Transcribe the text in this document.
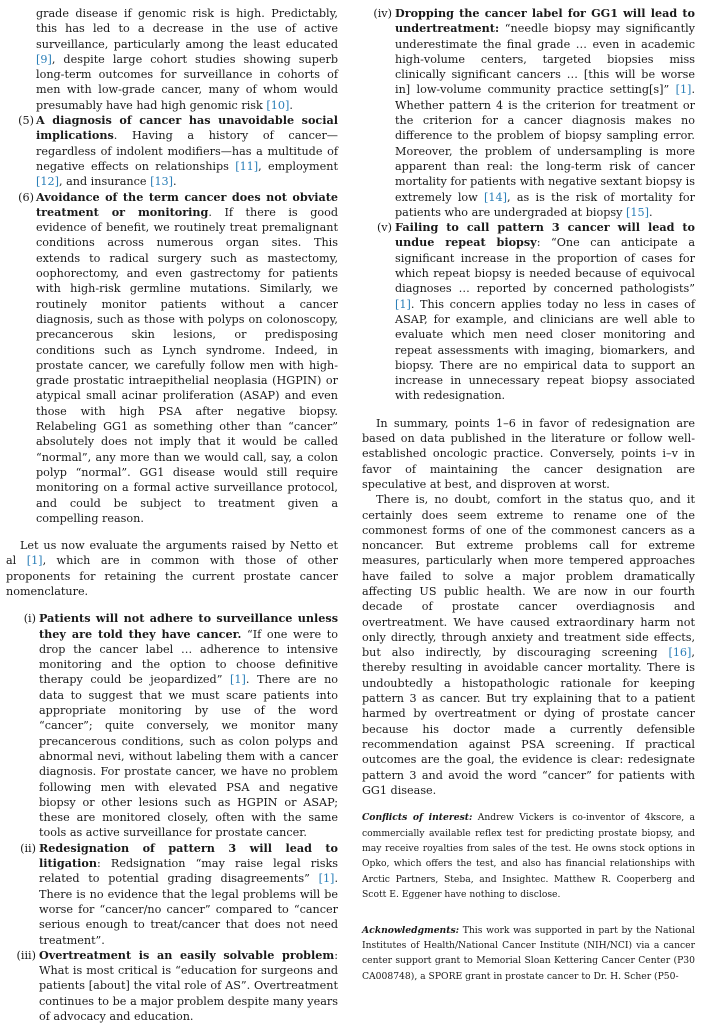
grade disease if genomic risk is high. Predictably, this has led to a decrease in the use of active surveillance, particularly among the least educated [9], despite large cohort studies showing superb long-term outcomes for surveillance in cohorts of men with low-grade cancer, many of whom would presumably have had high genomic risk [10].

(5) A diagnosis of cancer has unavoidable social implications. Having a history of cancer—regardless of indolent modifiers—has a multitude of negative effects on relationships [11], employment [12], and insurance [13].
(6) Avoidance of the term cancer does not obviate treatment or monitoring. If there is good evidence of benefit, we routinely treat premalignant conditions across numerous organ sites. This extends to radical surgery such as mastectomy, oophorectomy, and even gastrectomy for patients with high-risk germline mutations. Similarly, we routinely monitor patients without a cancer diagnosis, such as those with polyps on colonoscopy, precancerous skin lesions, or predisposing conditions such as Lynch syndrome. Indeed, in prostate cancer, we carefully follow men with high-grade prostatic intraepithelial neoplasia (HGPIN) or atypical small acinar proliferation (ASAP) and even those with high PSA after negative biopsy. Relabeling GG1 as something other than “cancer” absolutely does not imply that it would be called “normal”, any more than we would call, say, a colon polyp “normal”. GG1 disease would still require monitoring on a formal active surveillance protocol, and could be subject to treatment given a compelling reason.

Let us now evaluate the arguments raised by Netto et al [1], which are in common with those of other proponents for retaining the current prostate cancer nomenclature.

(i) Patients will not adhere to surveillance unless they are told they have cancer. “If one were to drop the cancer label … adherence to intensive monitoring and the option to choose definitive therapy could be jeopardized” [1]. There are no data to suggest that we must scare patients into appropriate monitoring by use of the word “cancer”; quite conversely, we monitor many precancerous conditions, such as colon polyps and abnormal nevi, without labeling them with a cancer diagnosis. For prostate cancer, we have no problem following men with elevated PSA and negative biopsy or other lesions such as HGPIN or ASAP; these are monitored closely, often with the same tools as active surveillance for prostate cancer.
(ii) Redesignation of pattern 3 will lead to litigation: Redsignation “may raise legal risks related to potential grading disagreements” [1]. There is no evidence that the legal problems will be worse for “cancer/no cancer” compared to “cancer serious enough to treat/cancer that does not need treatment”.
(iii) Overtreatment is an easily solvable problem: What is most critical is “education for surgeons and patients [about] the vital role of AS”. Overtreatment continues to be a major problem despite many years of advocacy and education.
(iv) Dropping the cancer label for GG1 will lead to undertreatment: “needle biopsy may significantly underestimate the final grade … even in academic high-volume centers, targeted biopsies miss clinically significant cancers … [this will be worse in] low-volume community practice setting[s]” [1]. Whether pattern 4 is the criterion for treatment or the criterion for a cancer diagnosis makes no difference to the problem of biopsy sampling error. Moreover, the problem of undersampling is more apparent than real: the long-term risk of cancer mortality for patients with negative sextant biopsy is extremely low [14], as is the risk of mortality for patients who are undergraded at biopsy [15].
(v) Failing to call pattern 3 cancer will lead to undue repeat biopsy: “One can anticipate a significant increase in the proportion of cases for which repeat biopsy is needed because of equivocal diagnoses … reported by concerned pathologists” [1]. This concern applies today no less in cases of ASAP, for example, and clinicians are well able to evaluate which men need closer monitoring and repeat assessments with imaging, biomarkers, and biopsy. There are no empirical data to support an increase in unnecessary repeat biopsy associated with redesignation.

In summary, points 1–6 in favor of redesignation are based on data published in the literature or follow well-established oncologic practice. Conversely, points i–v in favor of maintaining the cancer designation are speculative at best, and disproven at worst.

There is, no doubt, comfort in the status quo, and it certainly does seem extreme to rename one of the commonest forms of one of the commonest cancers as a noncancer. But extreme problems call for extreme measures, particularly when more tempered approaches have failed to solve a major problem dramatically affecting US public health. We are now in our fourth decade of prostate cancer overdiagnosis and overtreatment. We have caused extraordinary harm not only directly, through anxiety and treatment side effects, but also indirectly, by discouraging screening [16], thereby resulting in avoidable cancer mortality. There is undoubtedly a histopathologic rationale for keeping pattern 3 as cancer. But try explaining that to a patient harmed by overtreatment or dying of prostate cancer because his doctor made a currently defensible recommendation against PSA screening. If practical outcomes are the goal, the evidence is clear: redesignate pattern 3 and avoid the word “cancer” for patients with GG1 disease.

Conflicts of interest: Andrew Vickers is co-inventor of 4kscore, a commercially available reflex test for predicting prostate biopsy, and may receive royalties from sales of the test. He owns stock options in Opko, which offers the test, and also has financial relationships with Arctic Partners, Steba, and Insightec. Matthew R. Cooperberg and Scott E. Eggener have nothing to disclose.

Acknowledgments: This work was supported in part by the National Institutes of Health/National Cancer Institute (NIH/NCI) via a cancer center support grant to Memorial Sloan Kettering Cancer Center (P30 CA008748), a SPORE grant in prostate cancer to Dr. H. Scher (P50-
